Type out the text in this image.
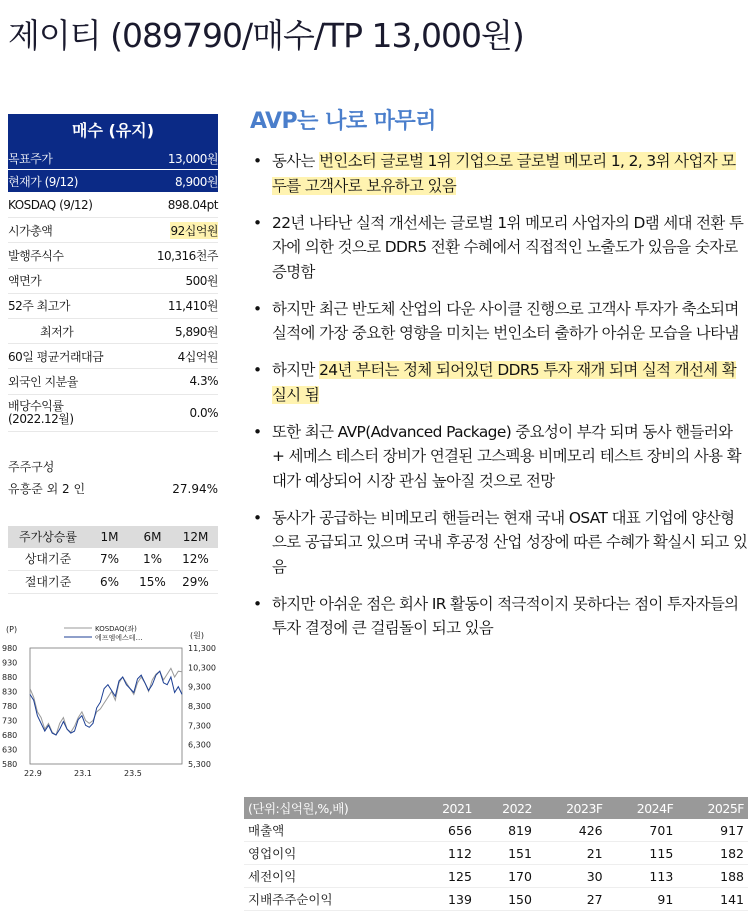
제이티 (089790/매수/TP 13,000원)
매수 (유지)
목표주가	13,000원
현재가 (9/12)	8,900원
KOSDAQ (9/12)	898.04pt
시가총액	92십억원
발행주식수	10,316천주
액면가	500원
52주 최고가	11,410원
최저가	5,890원
60일 평균거래대금	4십억원
외국인 지분율	4.3%
배당수익률
(2022.12월)	0.0%
주주구성
유흥준 외 2 인	27.94%
주가상승률	1M	6M	12M
상대기준	7%	1%	12%
절대기준	6%	15%	29%
(P)
(원)
980
930
880
830
780
730
680
630
580
11,300
10,300
9,300
8,300
7,300
6,300
5,300
22.9	23.1	23.5
KOSDAQ(좌)
에프엠에스테…
AVP는 나로 마무리
• 동사는 번인소터 글로벌 1위 기업으로 글로벌 메모리 1, 2, 3위 사업자 모두를 고객사로 보유하고 있음
• 22년 나타난 실적 개선세는 글로벌 1위 메모리 사업자의 D램 세대 전환 투자에 의한 것으로 DDR5 전환 수혜에서 직접적인 노출도가 있음을 숫자로 증명함
• 하지만 최근 반도체 산업의 다운 사이클 진행으로 고객사 투자가 축소되며 실적에 가장 중요한 영향을 미치는 번인소터 출하가 아쉬운 모습을 나타냄
• 하지만 24년 부터는 정체 되어있던 DDR5 투자 재개 되며 실적 개선세 확실시 됨
• 또한 최근 AVP(Advanced Package) 중요성이 부각 되며 동사 핸들러와 + 세메스 테스터 장비가 연결된 고스펙용 비메모리 테스트 장비의 사용 확대가 예상되어 시장 관심 높아질 것으로 전망
• 동사가 공급하는 비메모리 핸들러는 현재 국내 OSAT 대표 기업에 양산형으로 공급되고 있으며 국내 후공정 산업 성장에 따른 수혜가 확실시 되고 있음
• 하지만 아쉬운 점은 회사 IR 활동이 적극적이지 못하다는 점이 투자자들의 투자 결정에 큰 걸림돌이 되고 있음
(단위:십억원,%,배)	2021	2022	2023F	2024F	2025F
매출액	656	819	426	701	917
영업이익	112	151	21	115	182
세전이익	125	170	30	113	188
지배주주순이익	139	150	27	91	141
